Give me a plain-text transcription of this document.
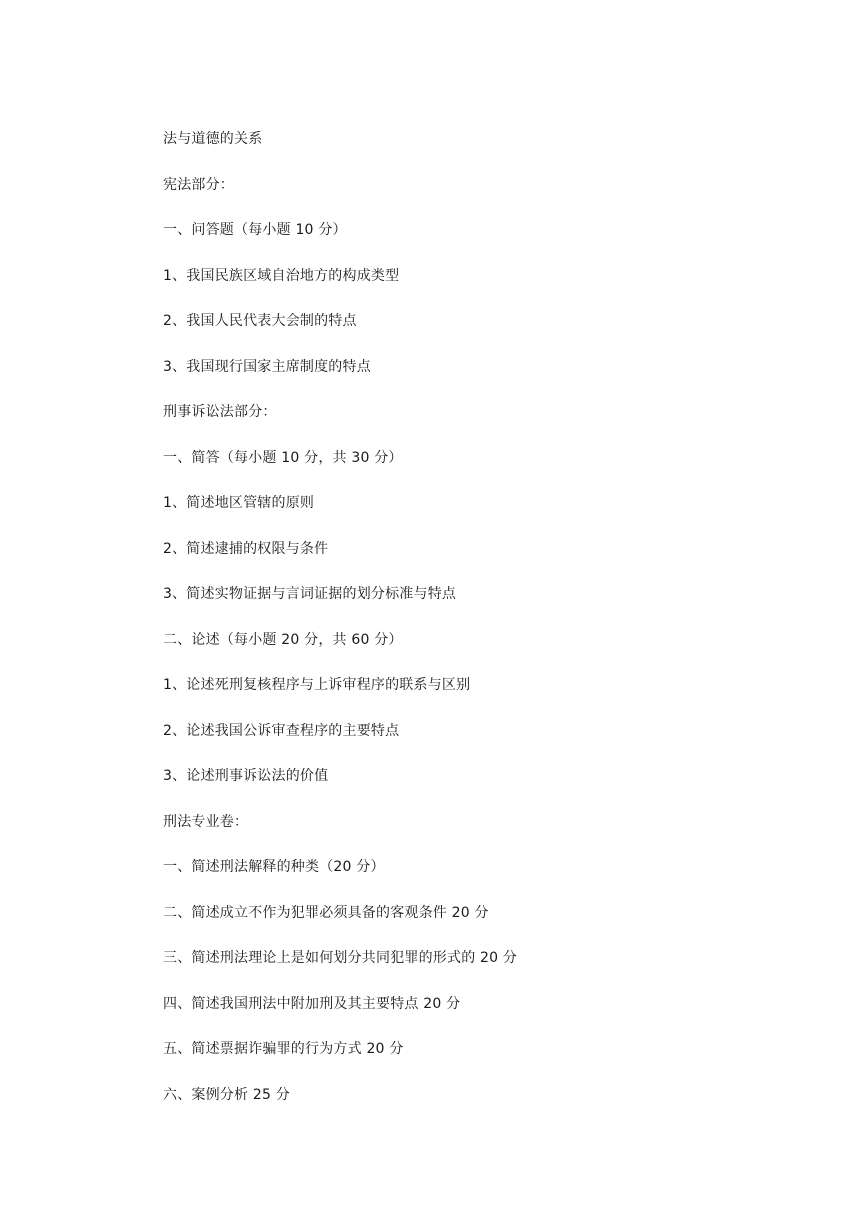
法与道德的关系
宪法部分：
一、问答题（每小题 10 分）
1、我国民族区域自治地方的构成类型
2、我国人民代表大会制的特点
3、我国现行国家主席制度的特点
刑事诉讼法部分：
一、简答（每小题 10 分，共 30 分）
1、简述地区管辖的原则
2、简述逮捕的权限与条件
3、简述实物证据与言词证据的划分标准与特点
二、论述（每小题 20 分，共 60 分）
1、论述死刑复核程序与上诉审程序的联系与区别
2、论述我国公诉审查程序的主要特点
3、论述刑事诉讼法的价值
刑法专业卷：
一、简述刑法解释的种类（20 分）
二、简述成立不作为犯罪必须具备的客观条件 20 分
三、简述刑法理论上是如何划分共同犯罪的形式的 20 分
四、简述我国刑法中附加刑及其主要特点 20 分
五、简述票据诈骗罪的行为方式 20 分
六、案例分析 25 分
